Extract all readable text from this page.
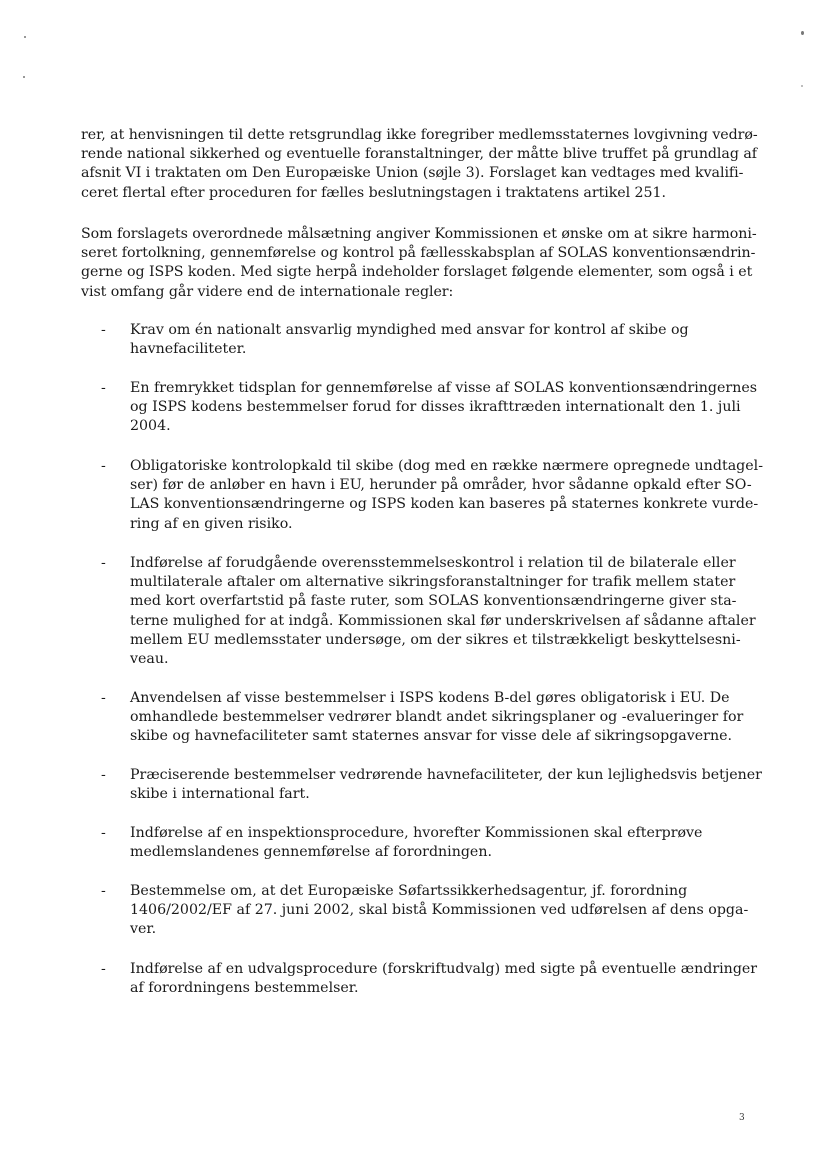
rer, at henvisningen til dette retsgrundlag ikke foregriber medlemsstaternes lovgivning vedrø-
rende national sikkerhed og eventuelle foranstaltninger, der måtte blive truffet på grundlag af
afsnit VI i traktaten om Den Europæiske Union (søjle 3). Forslaget kan vedtages med kvalifi-
ceret flertal efter proceduren for fælles beslutningstagen i traktatens artikel 251.
Som forslagets overordnede målsætning angiver Kommissionen et ønske om at sikre harmoni-
seret fortolkning, gennemførelse og kontrol på fællesskabsplan af SOLAS konventionsændrin-
gerne og ISPS koden. Med sigte herpå indeholder forslaget følgende elementer, som også i et
vist omfang går videre end de internationale regler:
- Krav om én nationalt ansvarlig myndighed med ansvar for kontrol af skibe og
havnefaciliteter.
- En fremrykket tidsplan for gennemførelse af visse af SOLAS konventionsændringernes
og ISPS kodens bestemmelser forud for disses ikrafttræden internationalt den 1. juli
2004.
- Obligatoriske kontrolopkald til skibe (dog med en række nærmere opregnede undtagel-
ser) før de anløber en havn i EU, herunder på områder, hvor sådanne opkald efter SO-
LAS konventionsændringerne og ISPS koden kan baseres på staternes konkrete vurde-
ring af en given risiko.
- Indførelse af forudgående overensstemmelseskontrol i relation til de bilaterale eller
multilaterale aftaler om alternative sikringsforanstaltninger for trafik mellem stater
med kort overfartstid på faste ruter, som SOLAS konventionsændringerne giver sta-
terne mulighed for at indgå. Kommissionen skal før underskrivelsen af sådanne aftaler
mellem EU medlemsstater undersøge, om der sikres et tilstrækkeligt beskyttelsesni-
veau.
- Anvendelsen af visse bestemmelser i ISPS kodens B-del gøres obligatorisk i EU. De
omhandlede bestemmelser vedrører blandt andet sikringsplaner og -evalueringer for
skibe og havnefaciliteter samt staternes ansvar for visse dele af sikringsopgaverne.
- Præciserende bestemmelser vedrørende havnefaciliteter, der kun lejlighedsvis betjener
skibe i international fart.
- Indførelse af en inspektionsprocedure, hvorefter Kommissionen skal efterprøve
medlemslandenes gennemførelse af forordningen.
- Bestemmelse om, at det Europæiske Søfartssikkerhedsagentur, jf. forordning
1406/2002/EF af 27. juni 2002, skal bistå Kommissionen ved udførelsen af dens opga-
ver.
- Indførelse af en udvalgsprocedure (forskriftudvalg) med sigte på eventuelle ændringer
af forordningens bestemmelser.
3
